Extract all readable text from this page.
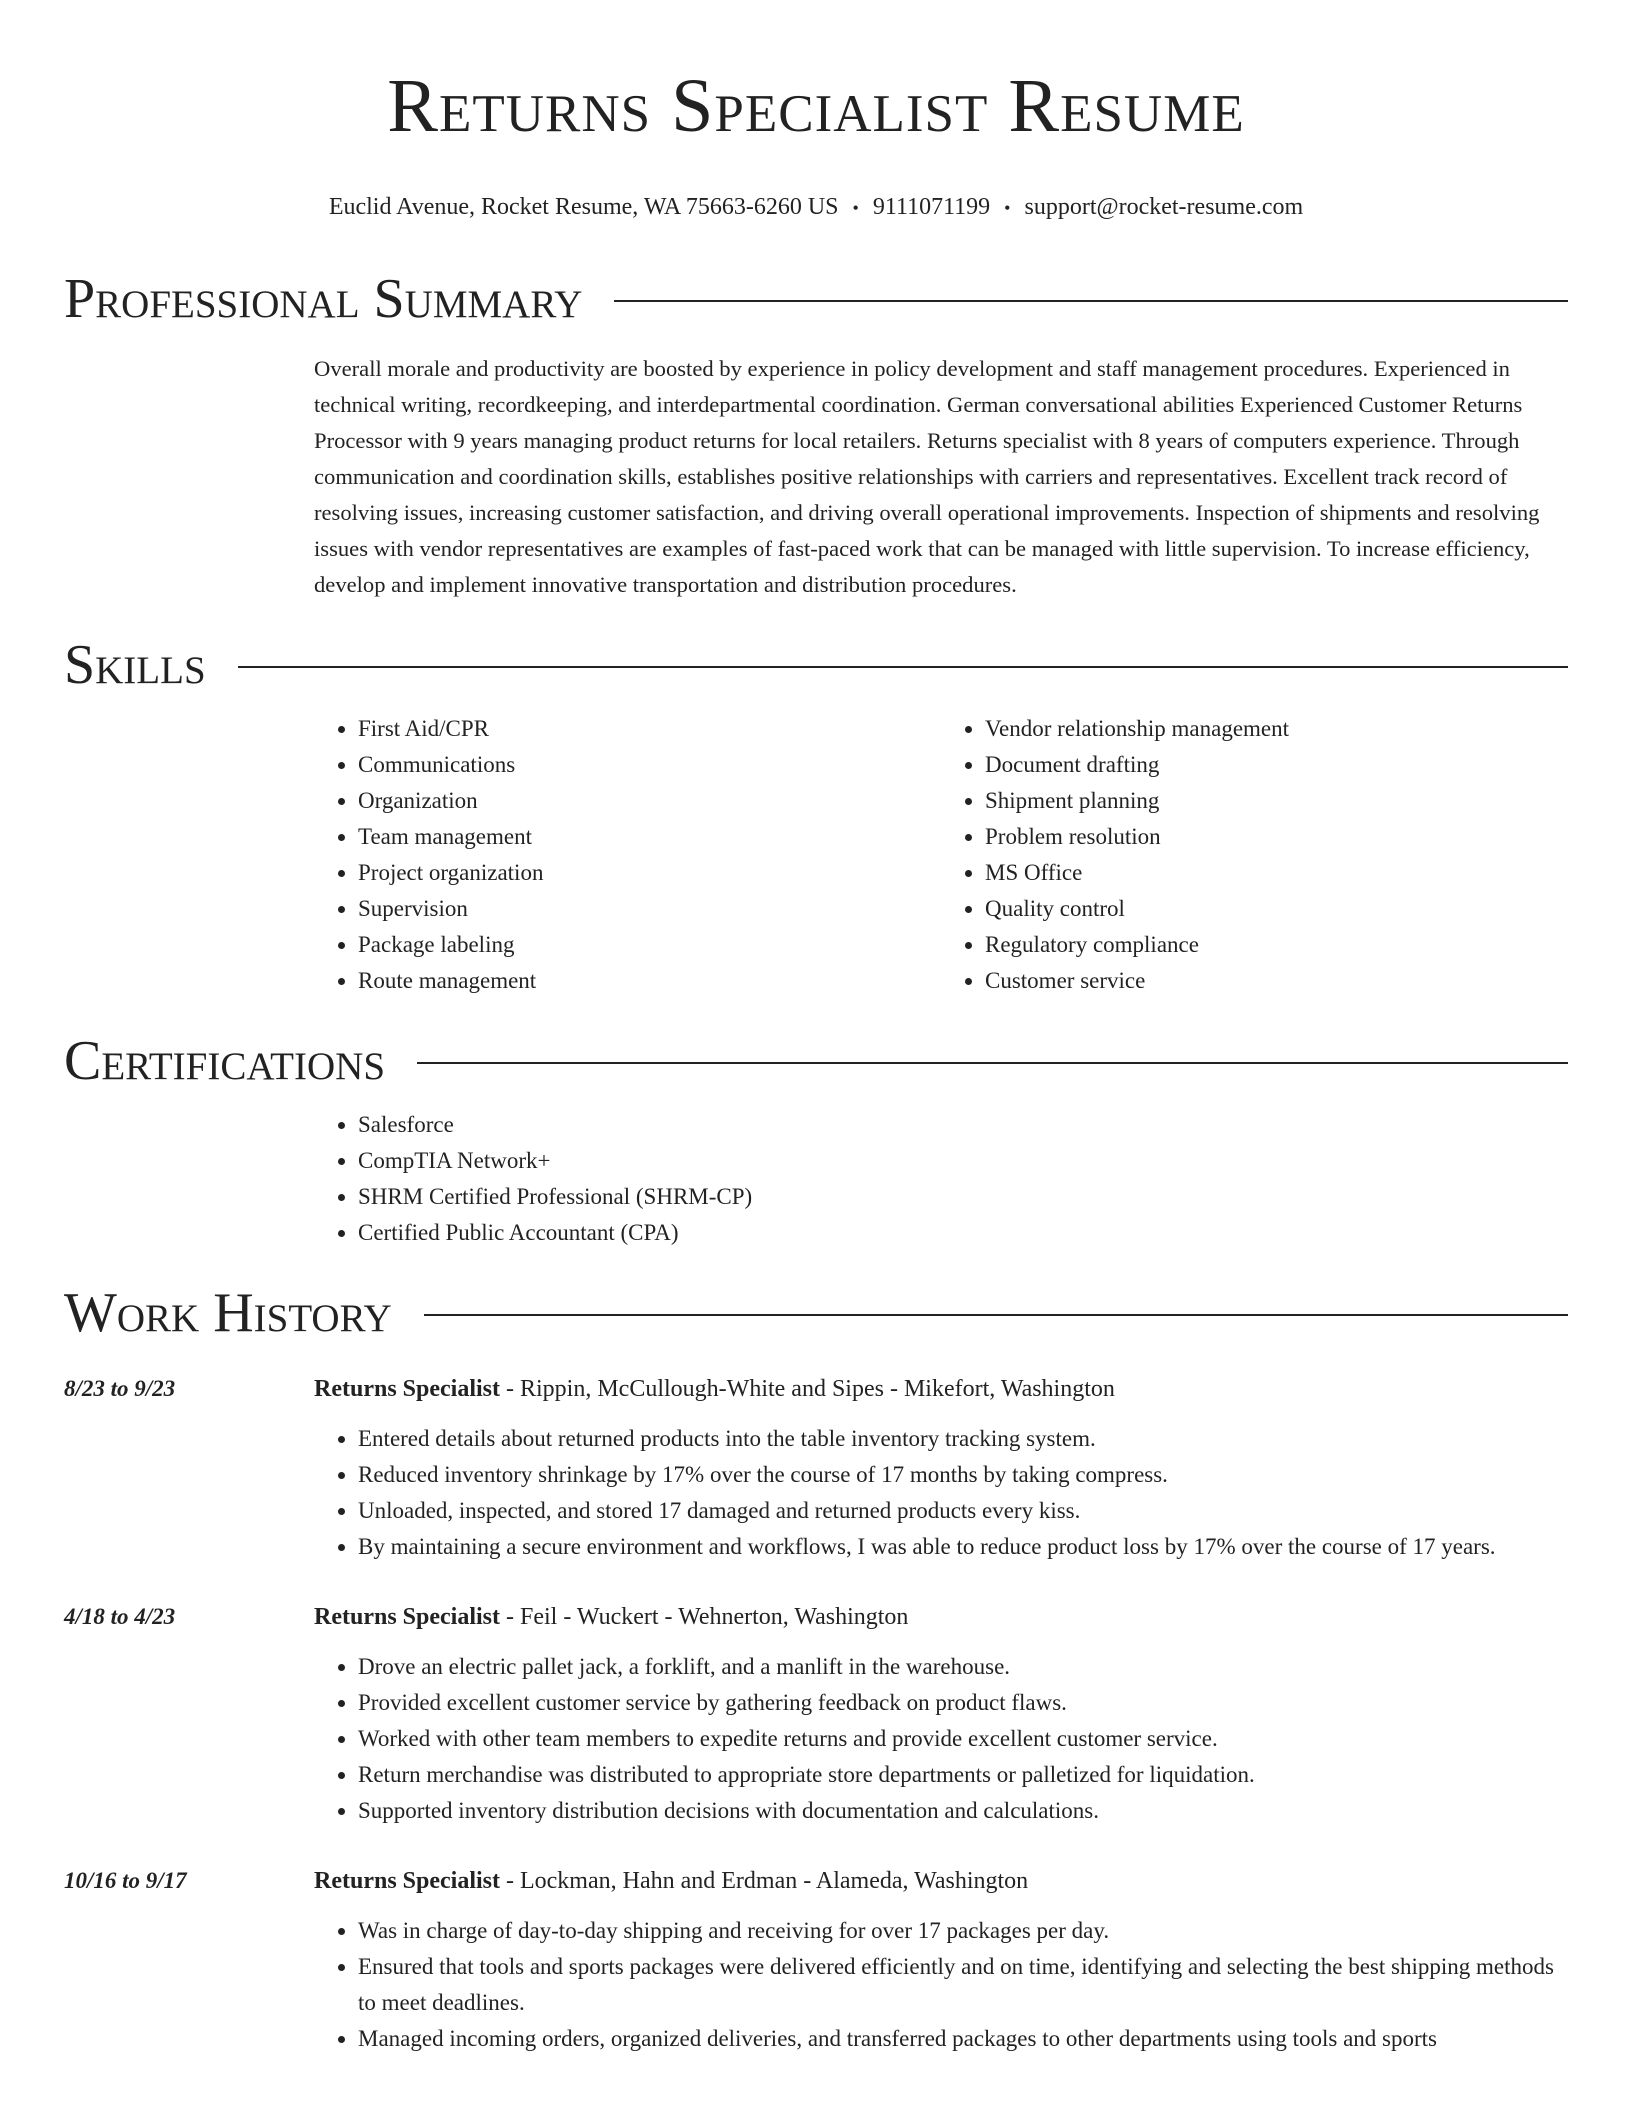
Returns Specialist Resume
Euclid Avenue, Rocket Resume, WA 75663-6260 US • 9111071199 • support@rocket-resume.com
Professional Summary
Overall morale and productivity are boosted by experience in policy development and staff management procedures. Experienced in technical writing, recordkeeping, and interdepartmental coordination. German conversational abilities Experienced Customer Returns Processor with 9 years managing product returns for local retailers. Returns specialist with 8 years of computers experience. Through communication and coordination skills, establishes positive relationships with carriers and representatives. Excellent track record of resolving issues, increasing customer satisfaction, and driving overall operational improvements. Inspection of shipments and resolving issues with vendor representatives are examples of fast-paced work that can be managed with little supervision. To increase efficiency, develop and implement innovative transportation and distribution procedures.
Skills
• First Aid/CPR
• Communications
• Organization
• Team management
• Project organization
• Supervision
• Package labeling
• Route management
• Vendor relationship management
• Document drafting
• Shipment planning
• Problem resolution
• MS Office
• Quality control
• Regulatory compliance
• Customer service
Certifications
• Salesforce
• CompTIA Network+
• SHRM Certified Professional (SHRM-CP)
• Certified Public Accountant (CPA)
Work History
8/23 to 9/23	Returns Specialist - Rippin, McCullough-White and Sipes - Mikefort, Washington
• Entered details about returned products into the table inventory tracking system.
• Reduced inventory shrinkage by 17% over the course of 17 months by taking compress.
• Unloaded, inspected, and stored 17 damaged and returned products every kiss.
• By maintaining a secure environment and workflows, I was able to reduce product loss by 17% over the course of 17 years.
4/18 to 4/23	Returns Specialist - Feil - Wuckert - Wehnerton, Washington
• Drove an electric pallet jack, a forklift, and a manlift in the warehouse.
• Provided excellent customer service by gathering feedback on product flaws.
• Worked with other team members to expedite returns and provide excellent customer service.
• Return merchandise was distributed to appropriate store departments or palletized for liquidation.
• Supported inventory distribution decisions with documentation and calculations.
10/16 to 9/17	Returns Specialist - Lockman, Hahn and Erdman - Alameda, Washington
• Was in charge of day-to-day shipping and receiving for over 17 packages per day.
• Ensured that tools and sports packages were delivered efficiently and on time, identifying and selecting the best shipping methods to meet deadlines.
• Managed incoming orders, organized deliveries, and transferred packages to other departments using tools and sports
